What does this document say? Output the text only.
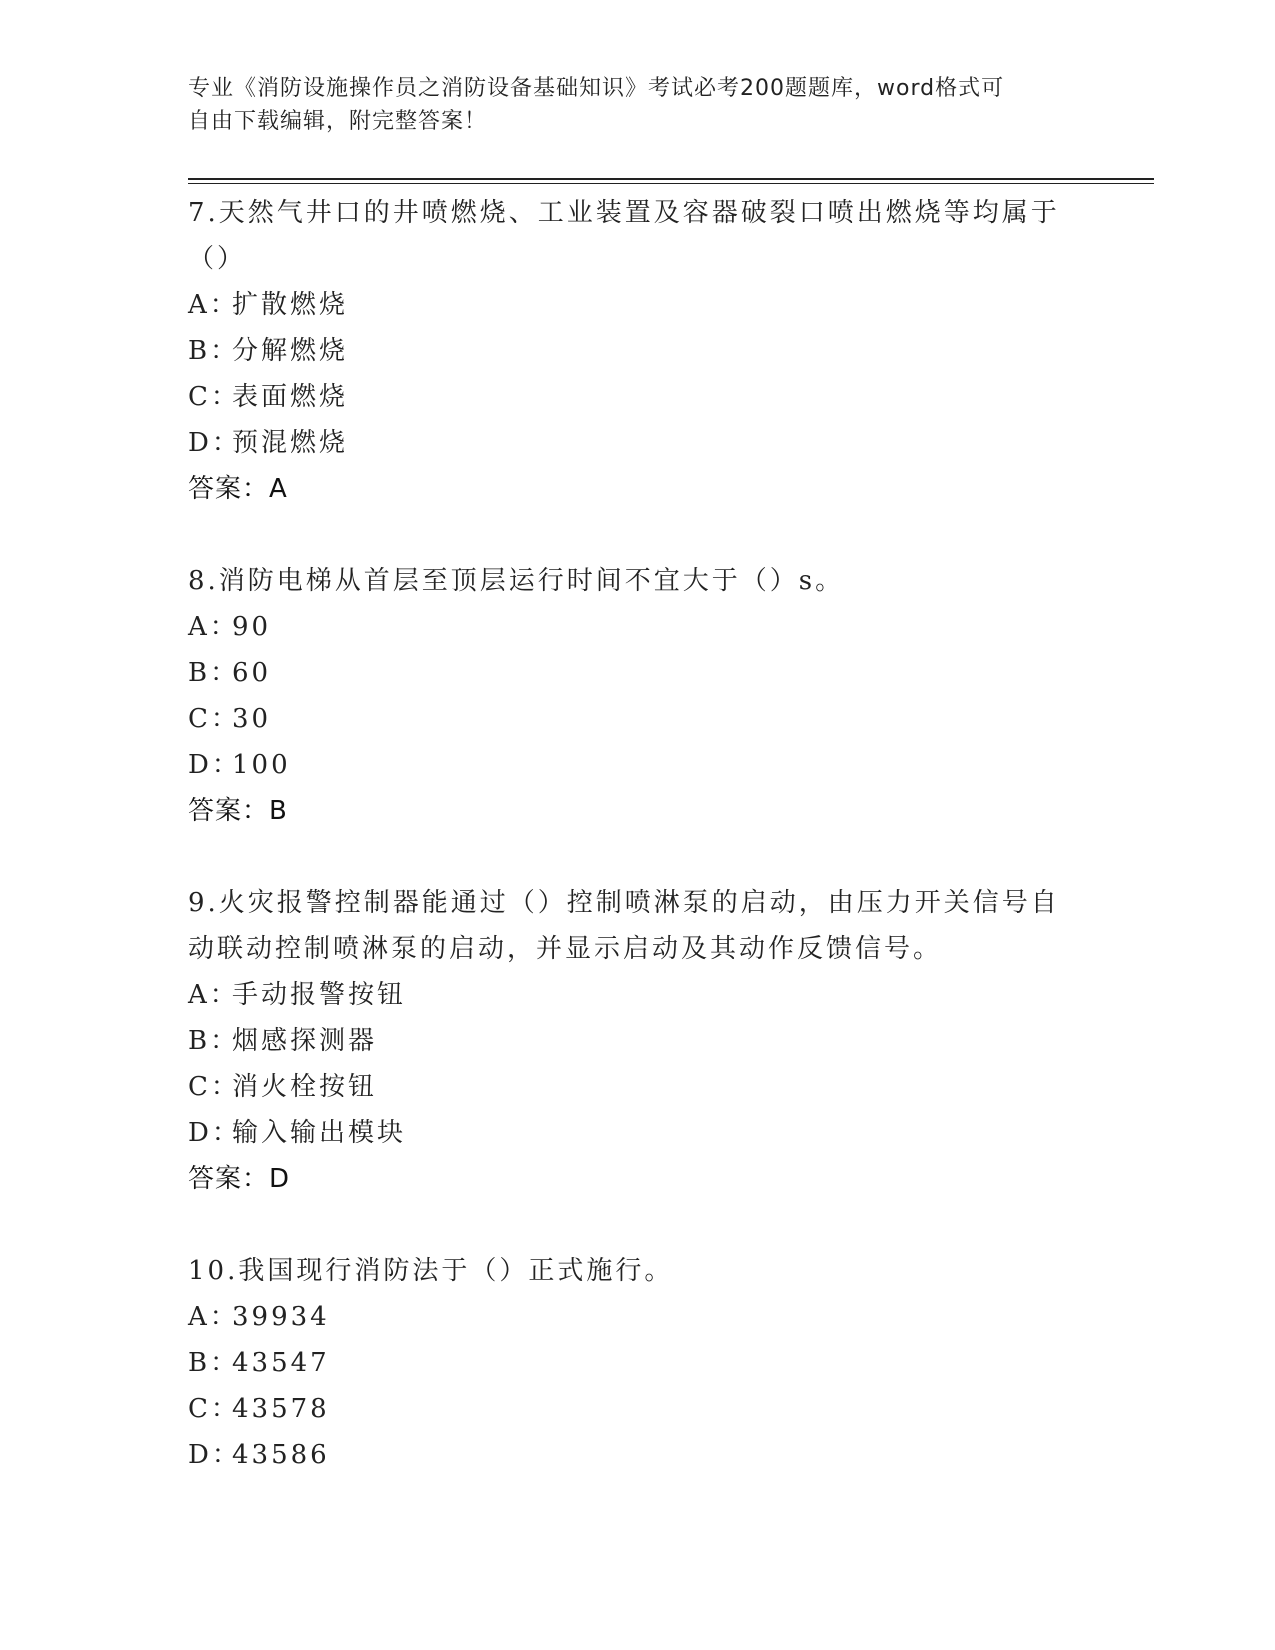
专业《消防设施操作员之消防设备基础知识》考试必考200题题库，word格式可
自由下载编辑，附完整答案！
7.天然气井口的井喷燃烧、工业装置及容器破裂口喷出燃烧等均属于
（）
A：扩散燃烧
B：分解燃烧
C：表面燃烧
D：预混燃烧
答案：A
8.消防电梯从首层至顶层运行时间不宜大于（）s。
A：90
B：60
C：30
D：100
答案：B
9.火灾报警控制器能通过（）控制喷淋泵的启动，由压力开关信号自
动联动控制喷淋泵的启动，并显示启动及其动作反馈信号。
A：手动报警按钮
B：烟感探测器
C：消火栓按钮
D：输入输出模块
答案：D
10.我国现行消防法于（）正式施行。
A：39934
B：43547
C：43578
D：43586
